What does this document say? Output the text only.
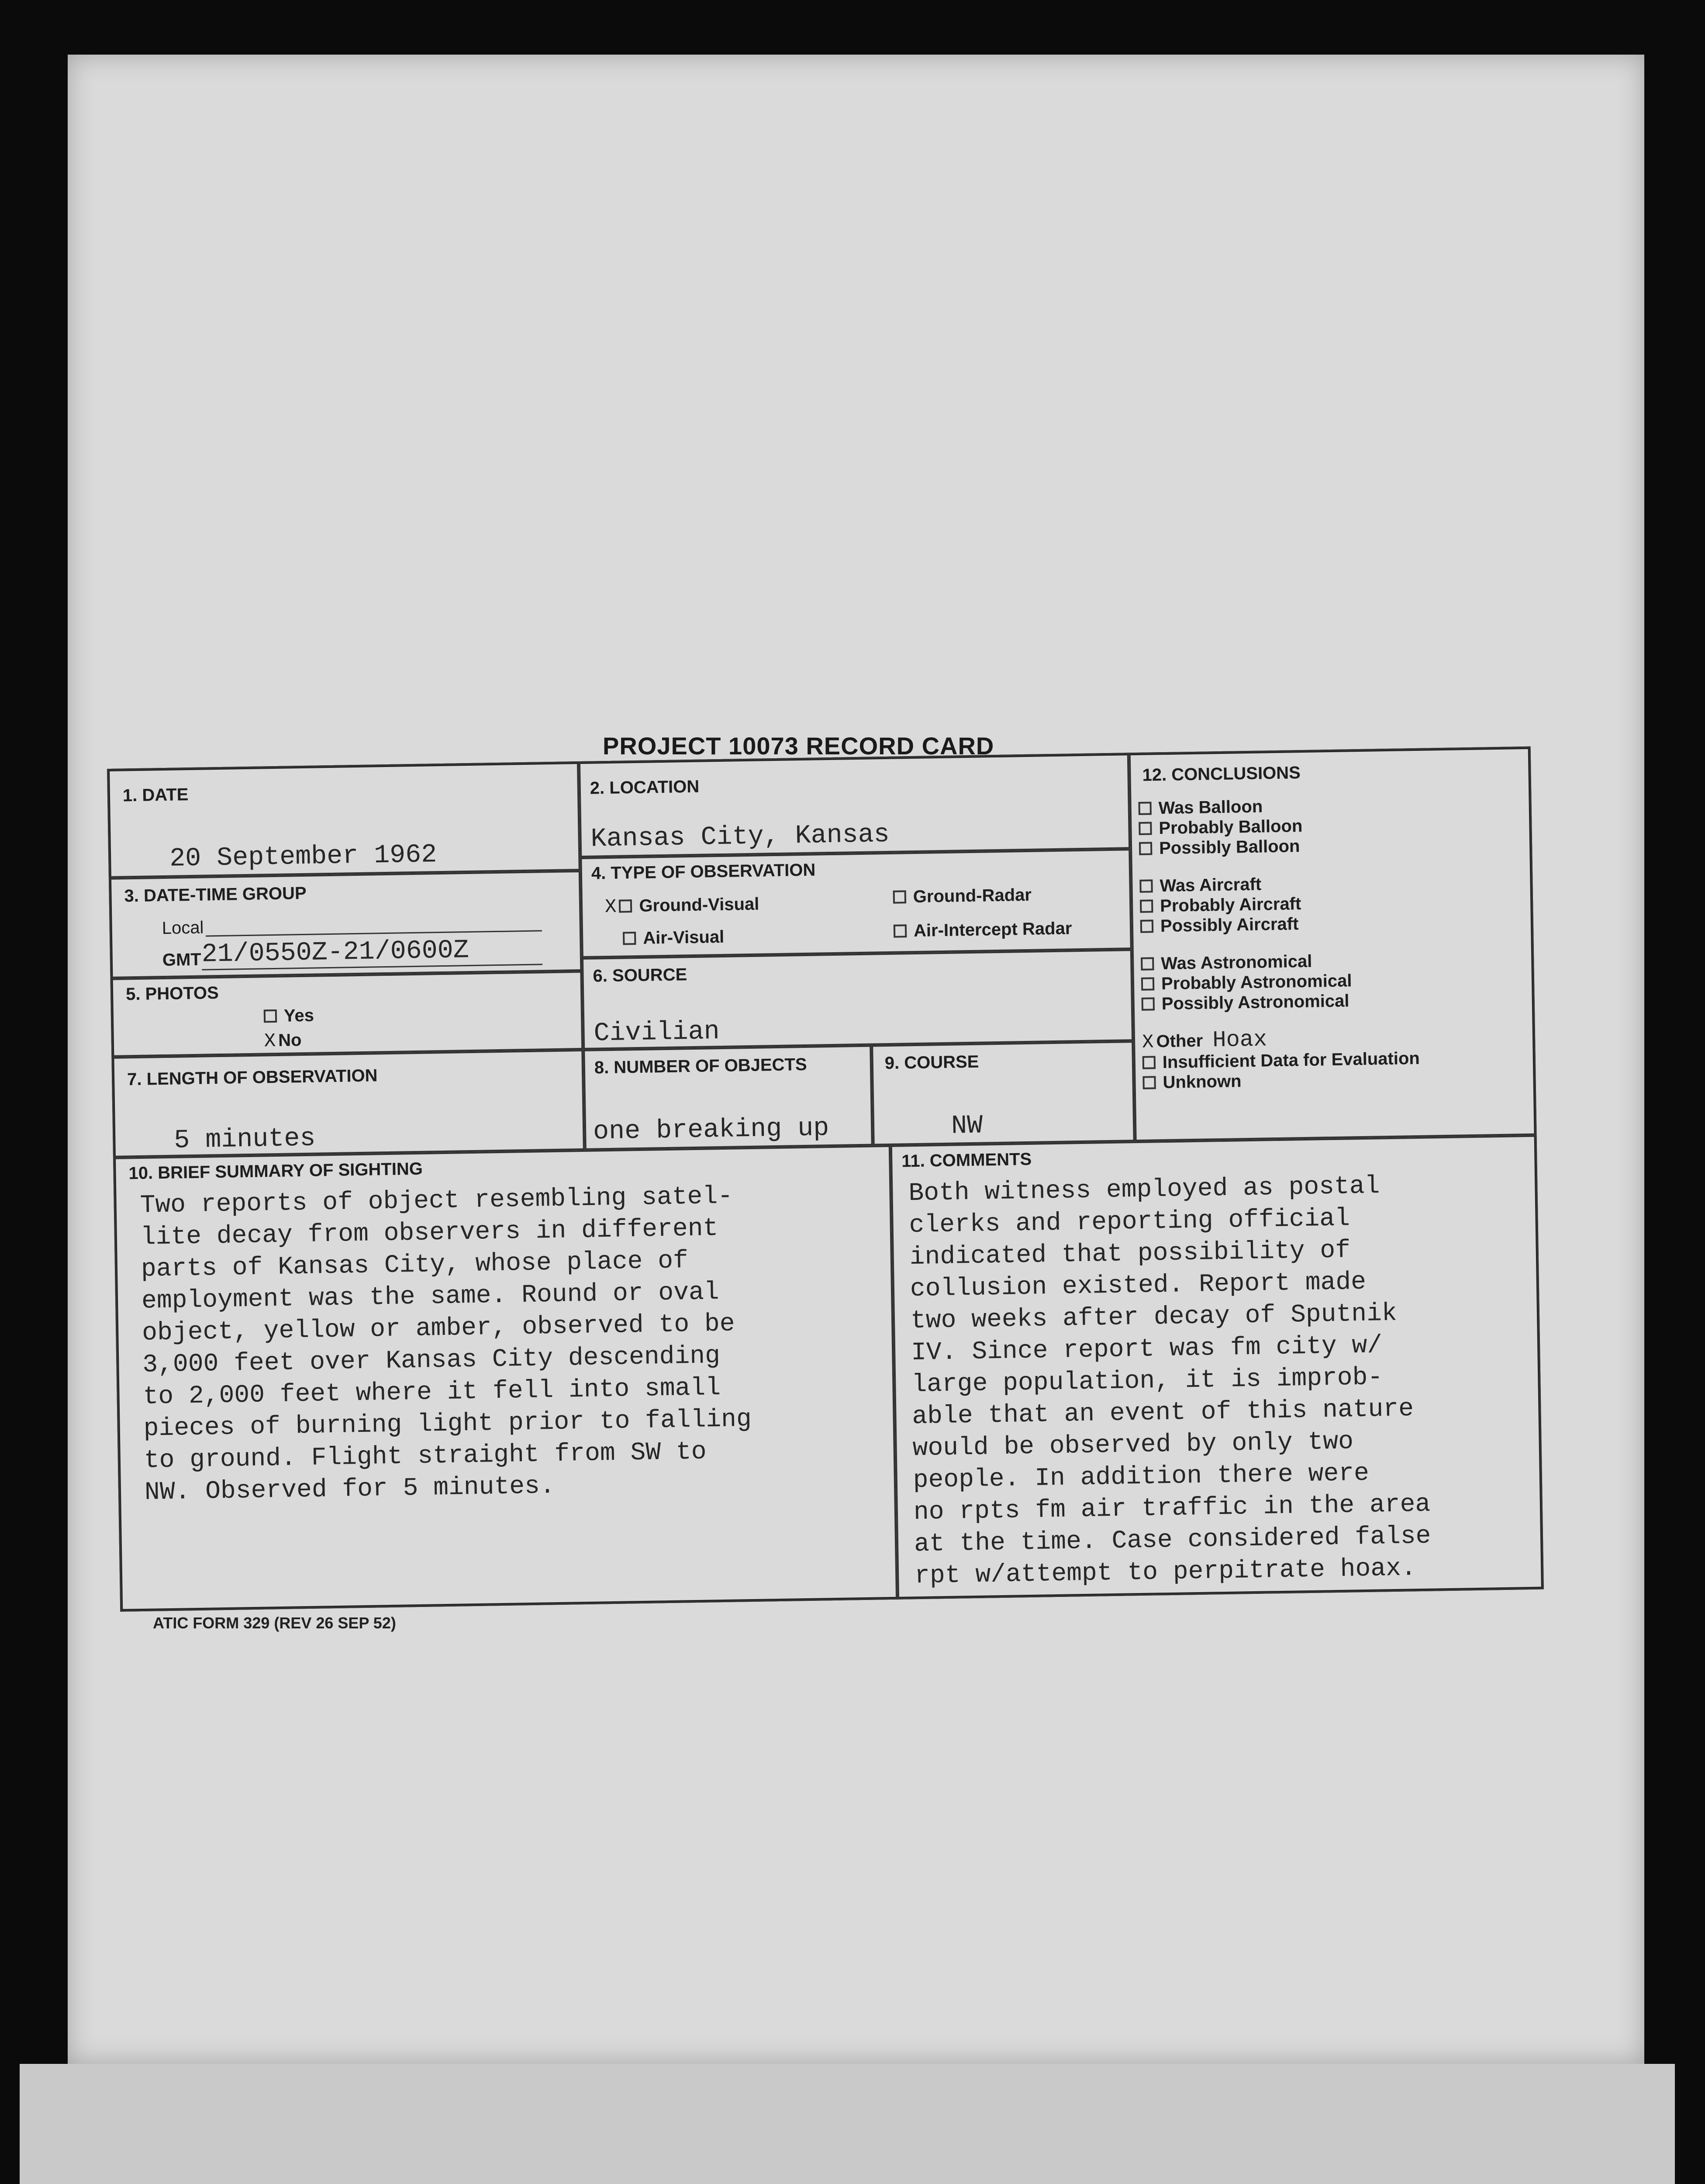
PROJECT 10073 RECORD CARD
1. DATE
20 September 1962
2. LOCATION
Kansas City, Kansas
3. DATE-TIME GROUP
Local
GMT 21/0550Z-21/0600Z
4. TYPE OF OBSERVATION
X Ground-Visual	Ground-Radar
Air-Visual	Air-Intercept Radar
5. PHOTOS
Yes
X No
6. SOURCE
Civilian
7. LENGTH OF OBSERVATION
5 minutes
8. NUMBER OF OBJECTS
one breaking up
9. COURSE
NW
10. BRIEF SUMMARY OF SIGHTING
Two reports of object resembling satel-
lite decay from observers in different
parts of Kansas City, whose place of
employment was the same. Round or oval
object, yellow or amber, observed to be
3,000 feet over Kansas City descending
to 2,000 feet where it fell into small
pieces of burning light prior to falling
to ground. Flight straight from SW to
NW. Observed for 5 minutes.
11. COMMENTS
Both witness employed as postal
clerks and reporting official
indicated that possibility of
collusion existed. Report made
two weeks after decay of Sputnik
IV. Since report was fm city w/
large population, it is improb-
able that an event of this nature
would be observed by only two
people. In addition there were
no rpts fm air traffic in the area
at the time. Case considered false
rpt w/attempt to perpitrate hoax.
12. CONCLUSIONS
Was Balloon
Probably Balloon
Possibly Balloon
Was Aircraft
Probably Aircraft
Possibly Aircraft
Was Astronomical
Probably Astronomical
Possibly Astronomical
X Other Hoax
Insufficient Data for Evaluation
Unknown
ATIC FORM 329 (REV 26 SEP 52)
